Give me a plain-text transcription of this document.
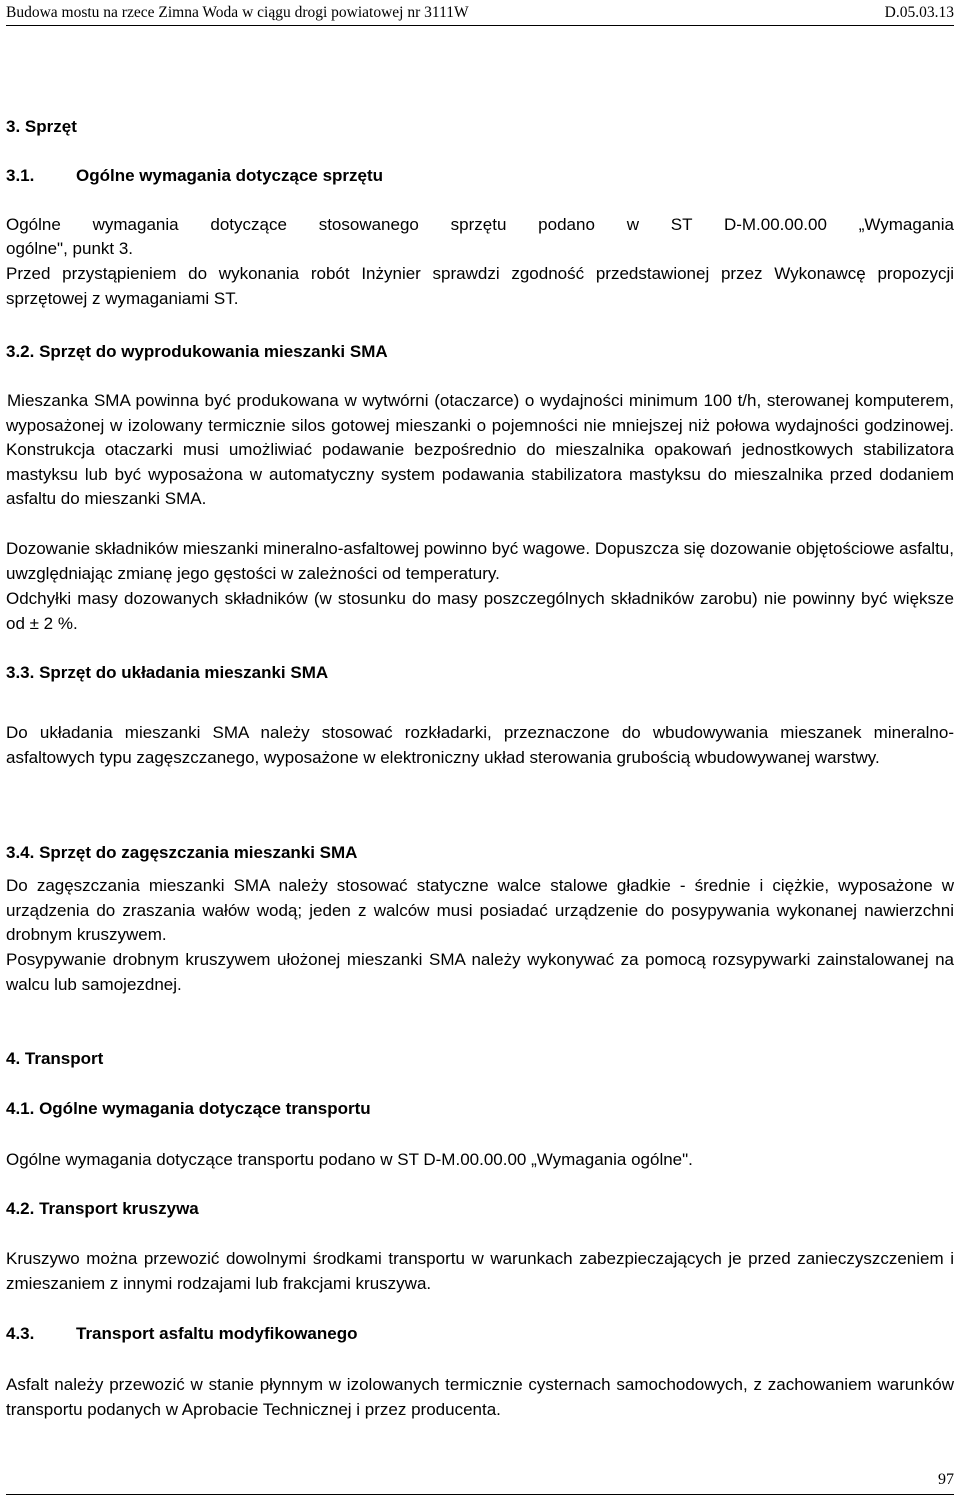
Budowa mostu na rzece Zimna Woda w ciągu drogi powiatowej nr 3111W	D.05.03.13
3. Sprzęt
3.1. Ogólne wymagania dotyczące sprzętu
Ogólne wymagania dotyczące stosowanego sprzętu podano w ST D-M.00.00.00 „Wymagania
ogólne", punkt 3.
Przed przystąpieniem do wykonania robót Inżynier sprawdzi zgodność przedstawionej przez Wykonawcę propozycji sprzętowej z wymaganiami ST.
3.2. Sprzęt do wyprodukowania mieszanki SMA
Mieszanka SMA powinna być produkowana w wytwórni (otaczarce) o wydajności minimum 100 t/h, sterowanej komputerem, wyposażonej w izolowany termicznie silos gotowej mieszanki o pojemności nie mniejszej niż połowa wydajności godzinowej. Konstrukcja otaczarki musi umożliwiać podawanie bezpośrednio do mieszalnika opakowań jednostkowych stabilizatora mastyksu lub być wyposażona w automatyczny system podawania stabilizatora mastyksu do mieszalnika przed dodaniem asfaltu do mieszanki SMA.
Dozowanie składników mieszanki mineralno-asfaltowej powinno być wagowe. Dopuszcza się dozowanie objętościowe asfaltu, uwzględniając zmianę jego gęstości w zależności od temperatury.
Odchyłki masy dozowanych składników (w stosunku do masy poszczególnych składników zarobu) nie powinny być większe od ± 2 %.
3.3. Sprzęt do układania mieszanki SMA
Do układania mieszanki SMA należy stosować rozkładarki, przeznaczone do wbudowywania mieszanek mineralno-asfaltowych typu zagęszczanego, wyposażone w elektroniczny układ sterowania grubością wbudowywanej warstwy.
3.4. Sprzęt do zagęszczania mieszanki SMA
Do zagęszczania mieszanki SMA należy stosować statyczne walce stalowe gładkie - średnie i ciężkie, wyposażone w urządzenia do zraszania wałów wodą; jeden z walców musi posiadać urządzenie do posypywania wykonanej nawierzchni drobnym kruszywem.
Posypywanie drobnym kruszywem ułożonej mieszanki SMA należy wykonywać za pomocą rozsypywarki zainstalowanej na walcu lub samojezdnej.
4. Transport
4.1. Ogólne wymagania dotyczące transportu
Ogólne wymagania dotyczące transportu podano w ST D-M.00.00.00 „Wymagania ogólne".
4.2. Transport kruszywa
Kruszywo można przewozić dowolnymi środkami transportu w warunkach zabezpieczających je przed zanieczyszczeniem i zmieszaniem z innymi rodzajami lub frakcjami kruszywa.
4.3. Transport asfaltu modyfikowanego
Asfalt należy przewozić w stanie płynnym w izolowanych termicznie cysternach samochodowych, z zachowaniem warunków transportu podanych w Aprobacie Technicznej i przez producenta.
97
